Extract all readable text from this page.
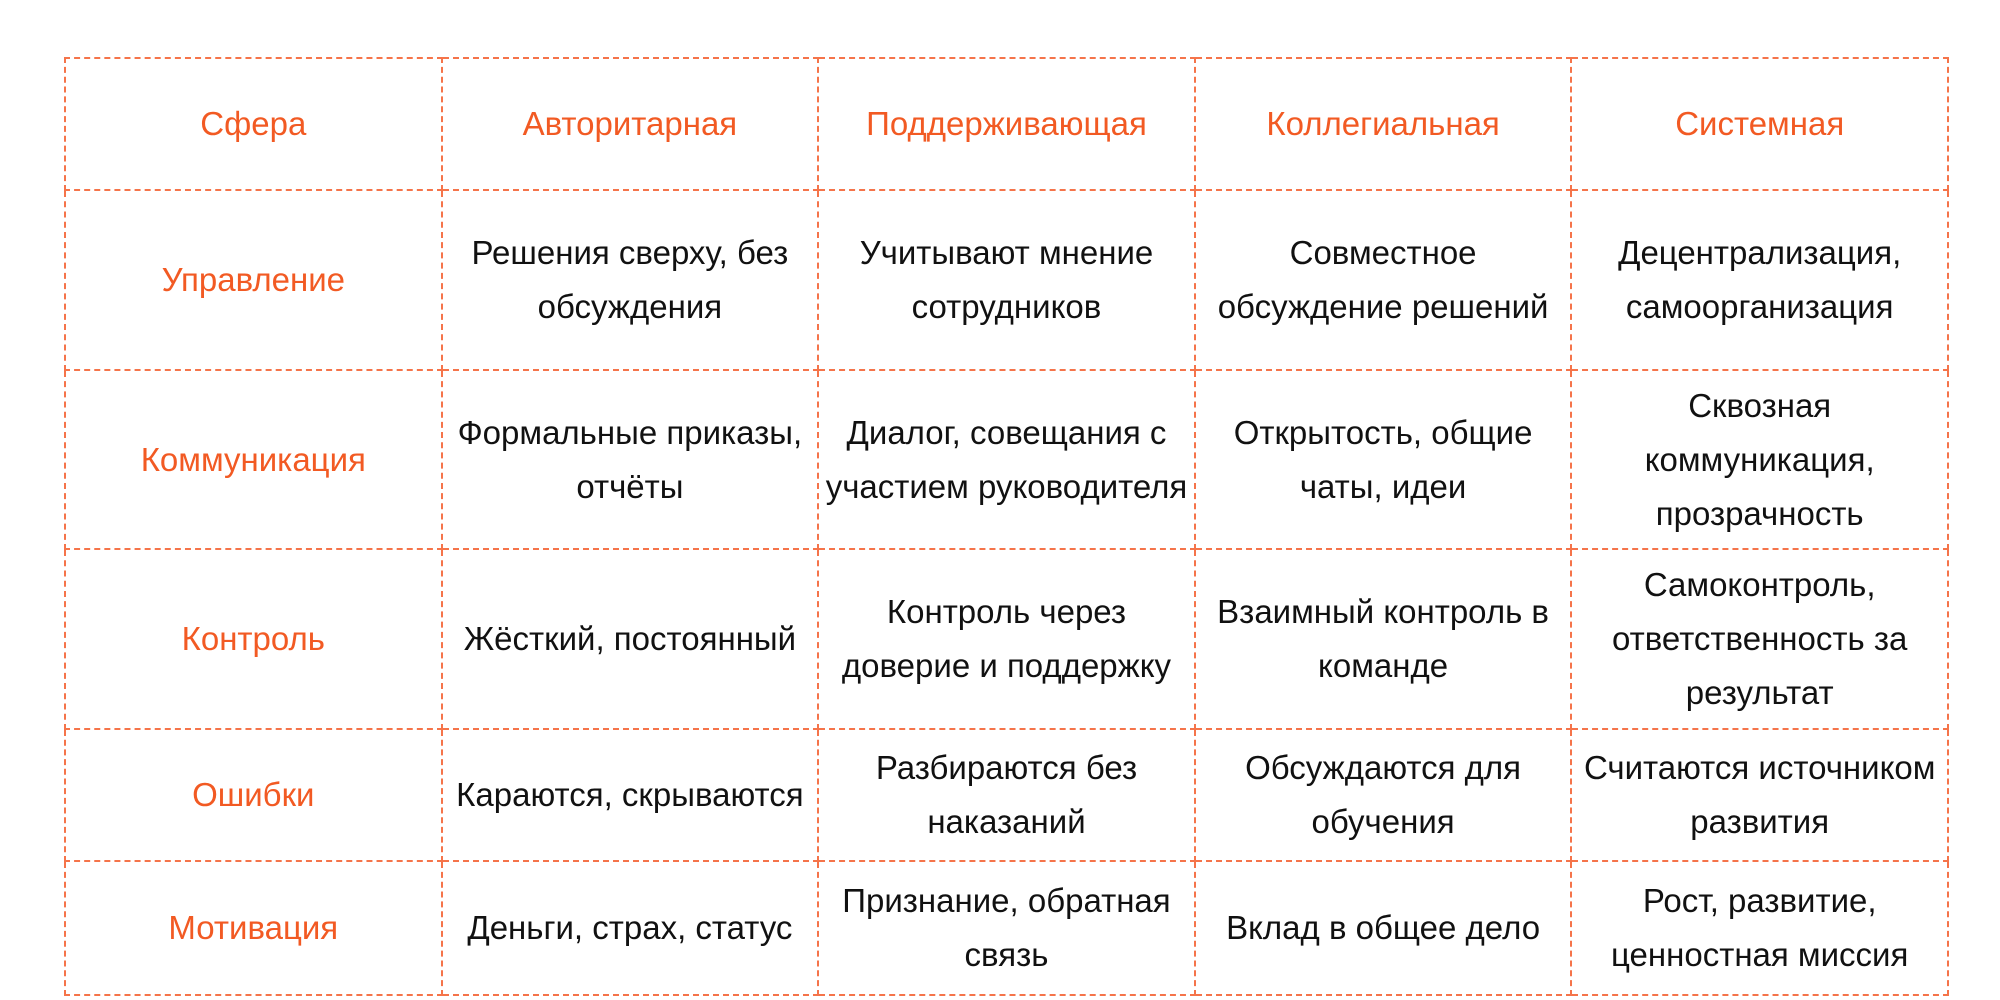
Сфера	Авторитарная	Поддерживающая	Коллегиальная	Системная
Управление	Решения сверху, без обсуждения	Учитывают мнение сотрудников	Совместное обсуждение решений	Децентрализация, самоорганизация
Коммуникация	Формальные приказы, отчёты	Диалог, совещания с участием руководителя	Открытость, общие чаты, идеи	Сквозная коммуникация, прозрачность
Контроль	Жёсткий, постоянный	Контроль через доверие и поддержку	Взаимный контроль в команде	Самоконтроль, ответственность за результат
Ошибки	Караются, скрываются	Разбираются без наказаний	Обсуждаются для обучения	Считаются источником развития
Мотивация	Деньги, страх, статус	Признание, обратная связь	Вклад в общее дело	Рост, развитие, ценностная миссия
